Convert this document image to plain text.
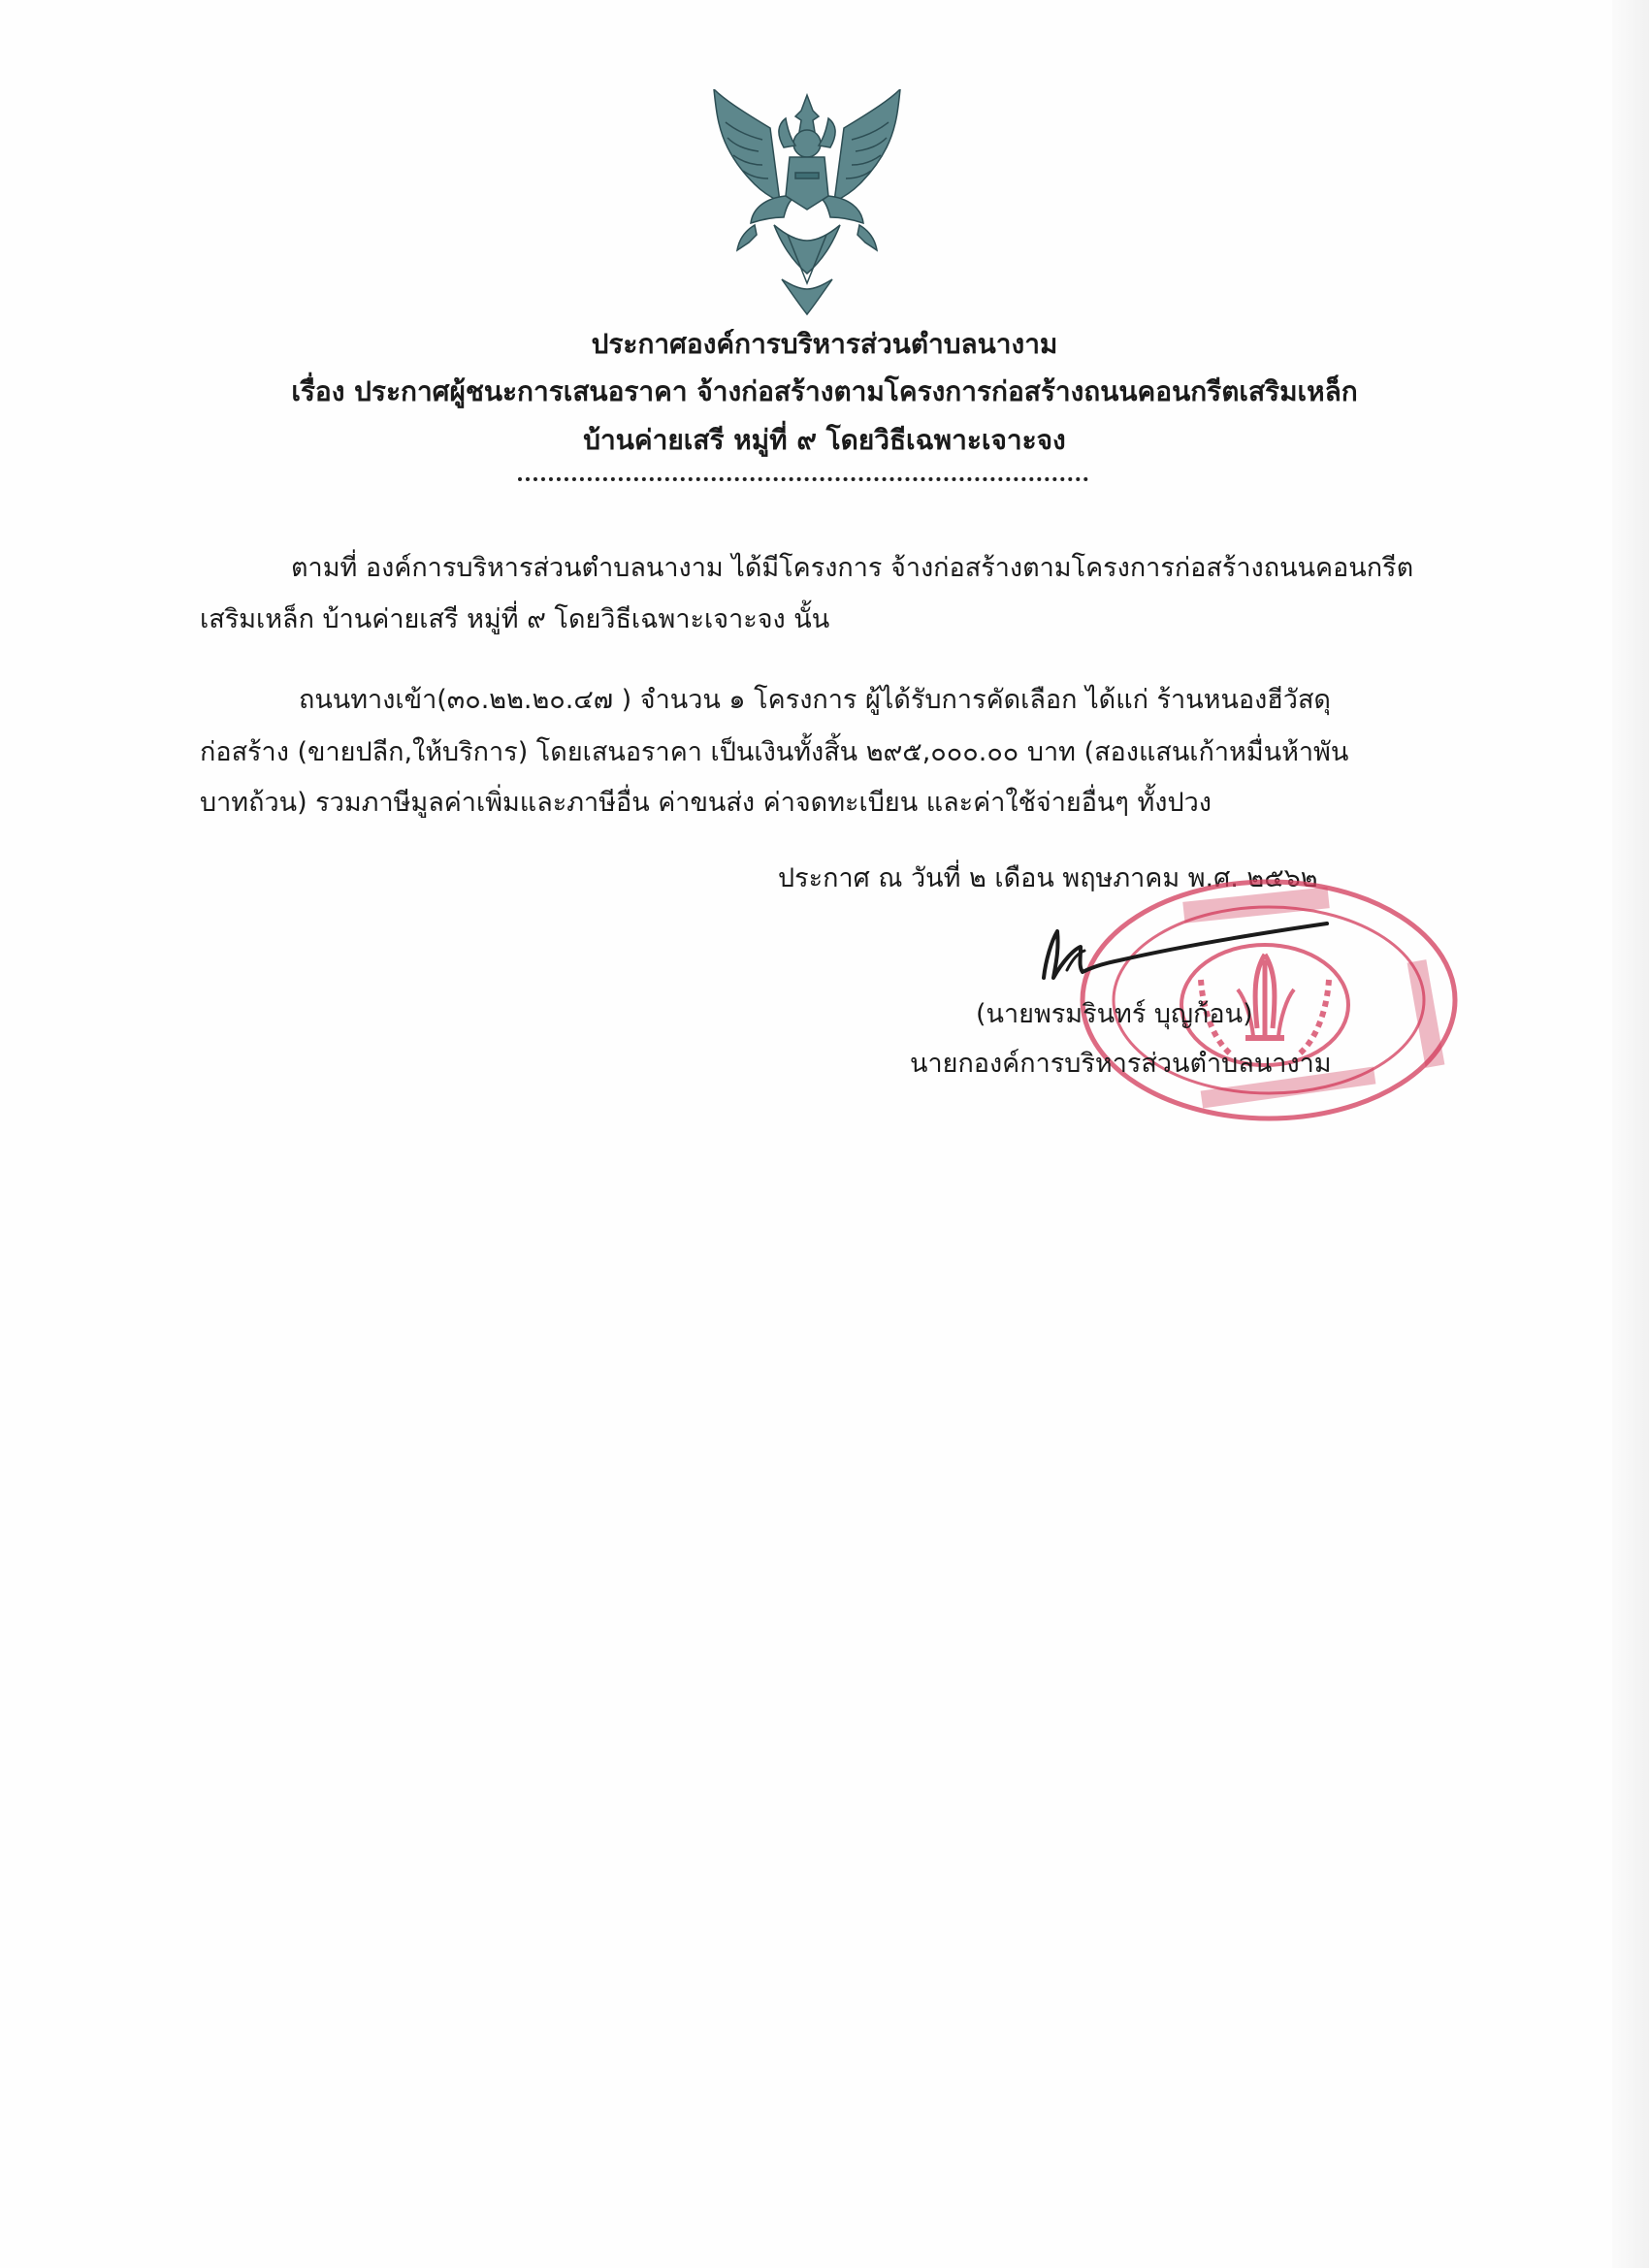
ประกาศองค์การบริหารส่วนตำบลนางาม
เรื่อง ประกาศผู้ชนะการเสนอราคา จ้างก่อสร้างตามโครงการก่อสร้างถนนคอนกรีตเสริมเหล็ก
บ้านค่ายเสรี หมู่ที่ ๙ โดยวิธีเฉพาะเจาะจง
ตามที่ องค์การบริหารส่วนตำบลนางาม ได้มีโครงการ จ้างก่อสร้างตามโครงการก่อสร้างถนนคอนกรีต
เสริมเหล็ก บ้านค่ายเสรี หมู่ที่ ๙ โดยวิธีเฉพาะเจาะจง นั้น
ถนนทางเข้า(๓๐.๒๒.๒๐.๔๗ ) จำนวน ๑ โครงการ ผู้ได้รับการคัดเลือก ได้แก่ ร้านหนองฮีวัสดุ
ก่อสร้าง (ขายปลีก,ให้บริการ) โดยเสนอราคา เป็นเงินทั้งสิ้น ๒๙๕,๐๐๐.๐๐ บาท (สองแสนเก้าหมื่นห้าพัน
บาทถ้วน) รวมภาษีมูลค่าเพิ่มและภาษีอื่น ค่าขนส่ง ค่าจดทะเบียน และค่าใช้จ่ายอื่นๆ ทั้งปวง
ประกาศ ณ วันที่ ๒ เดือน พฤษภาคม พ.ศ. ๒๕๖๒
(นายพรมรินทร์ บุญก้อน)
นายกองค์การบริหารส่วนตำบลนางาม
